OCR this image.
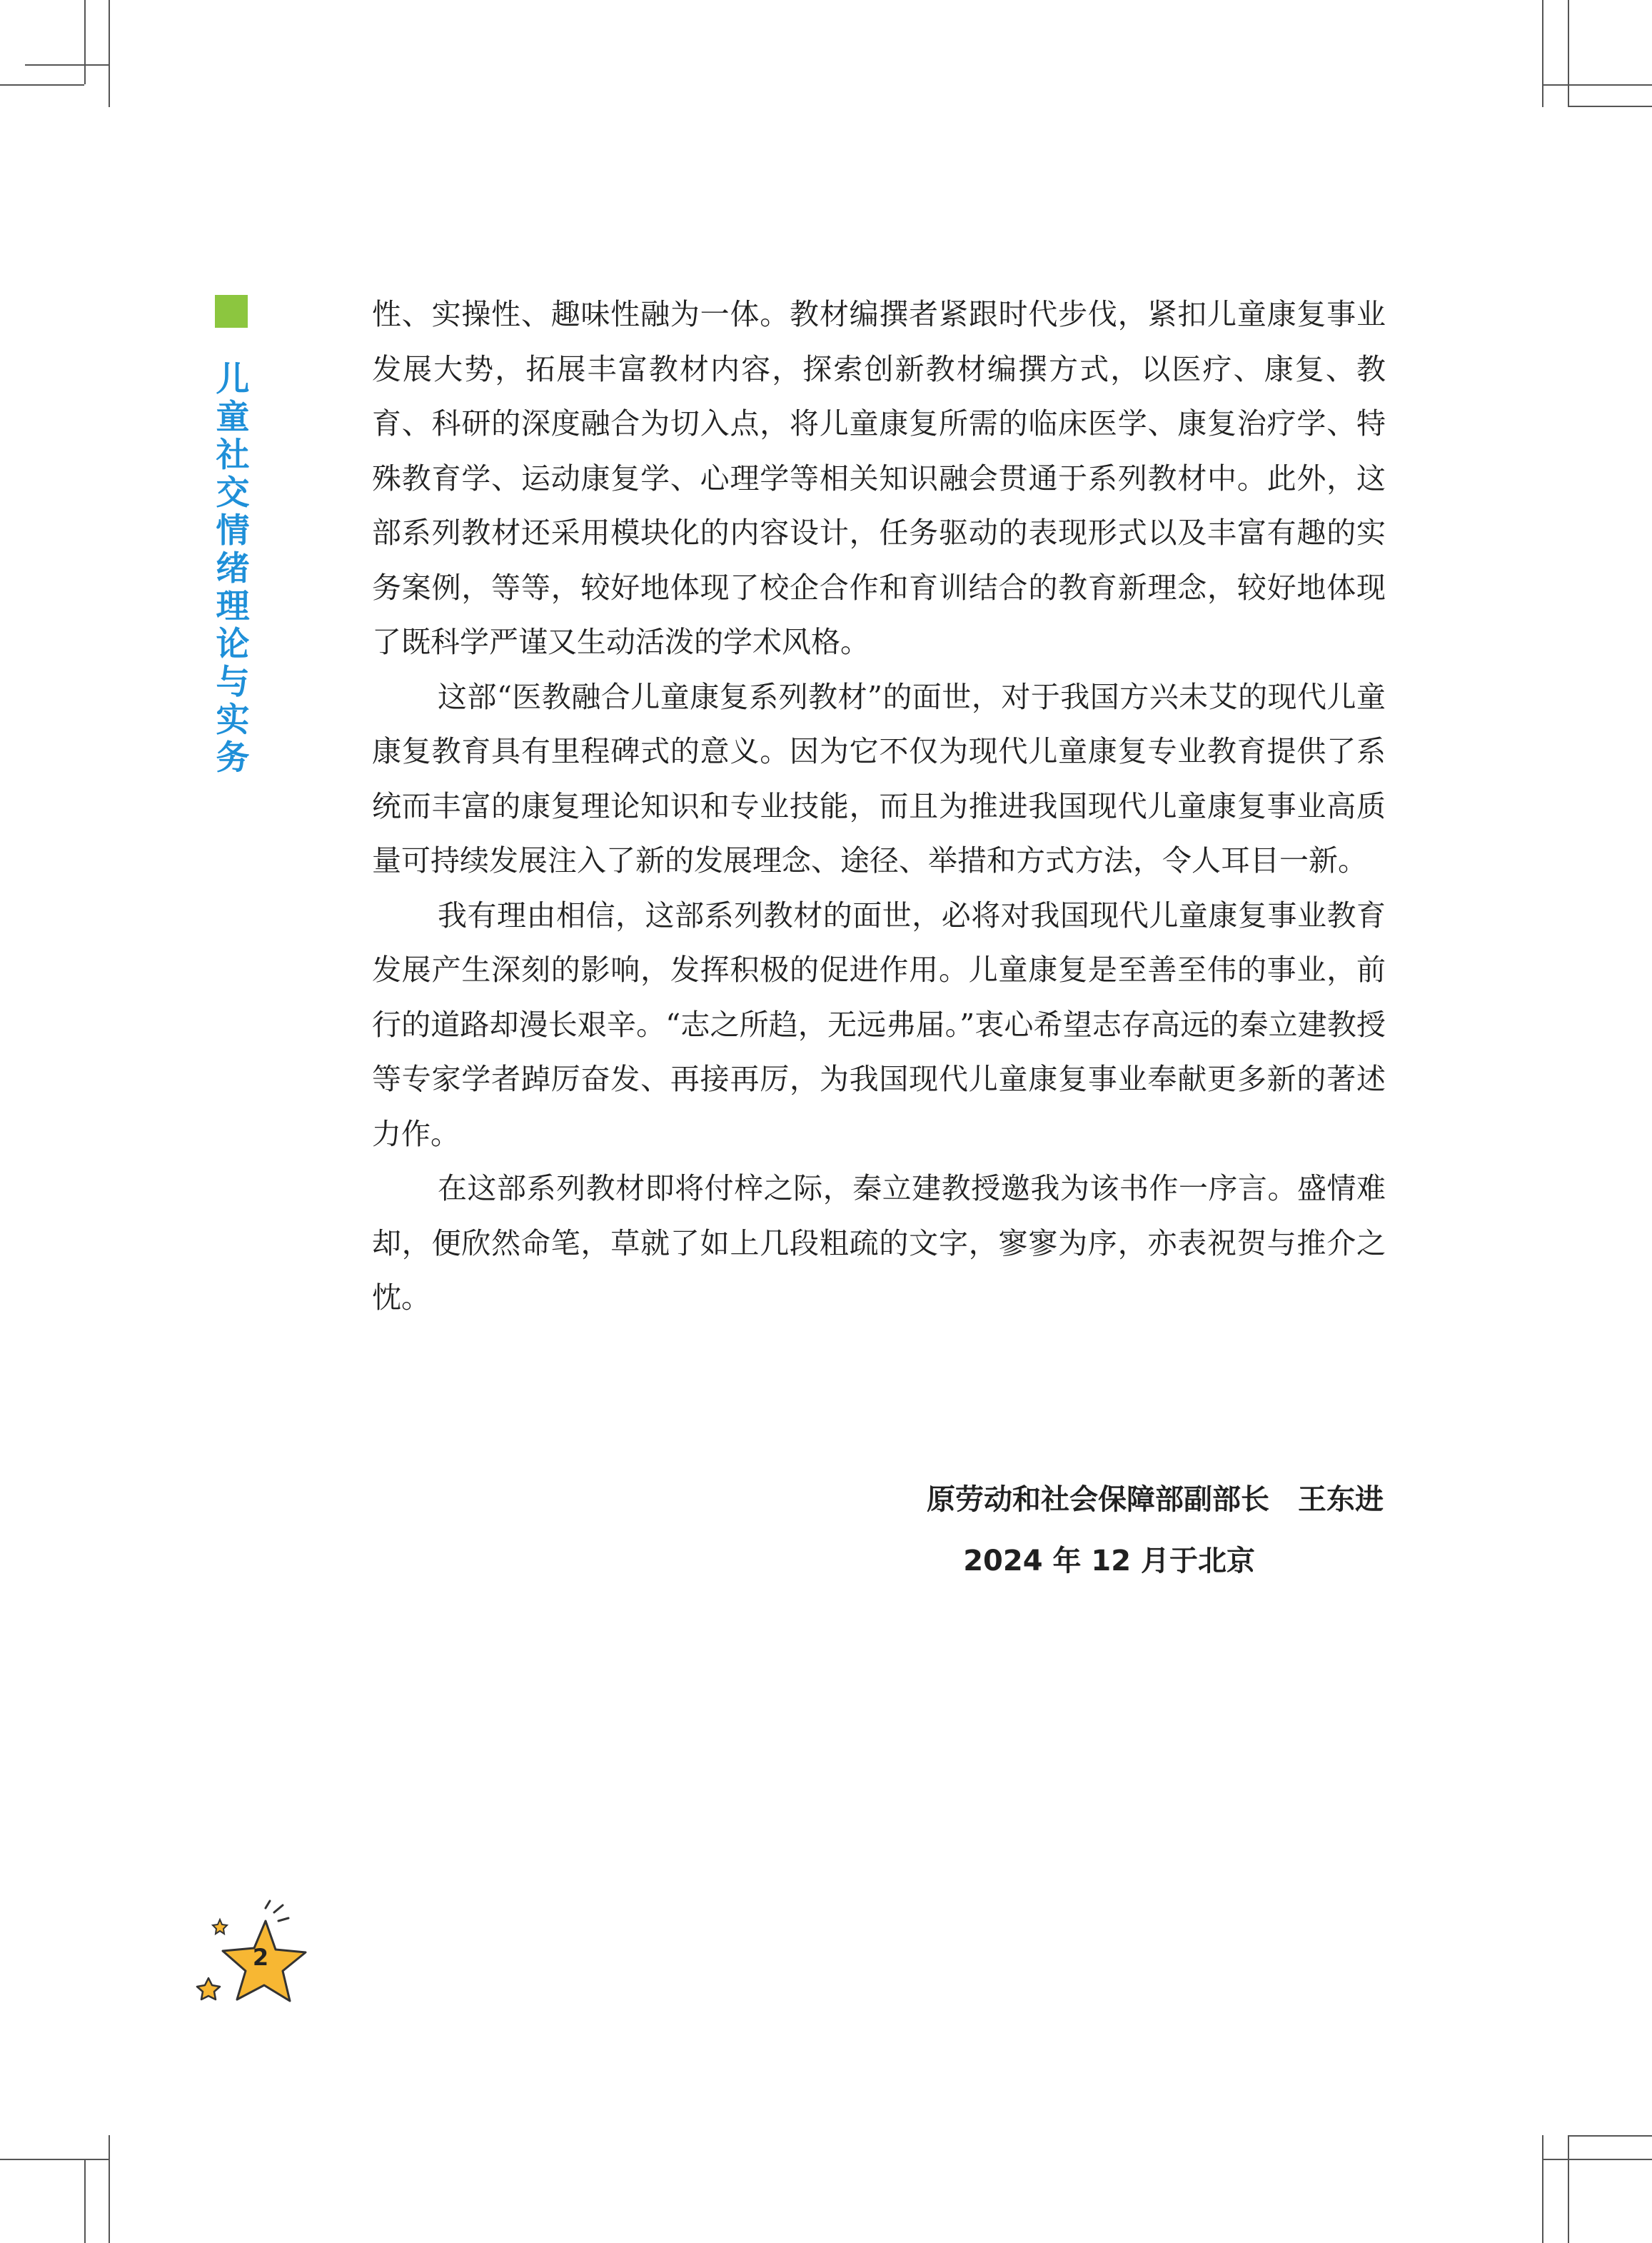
儿童社交情绪理论与实务

性、实操性、趣味性融为一体。教材编撰者紧跟时代步伐，紧扣儿童康复事业发展大势，拓展丰富教材内容，探索创新教材编撰方式，以医疗、康复、教育、科研的深度融合为切入点，将儿童康复所需的临床医学、康复治疗学、特殊教育学、运动康复学、心理学等相关知识融会贯通于系列教材中。此外，这部系列教材还采用模块化的内容设计，任务驱动的表现形式以及丰富有趣的实务案例，等等，较好地体现了校企合作和育训结合的教育新理念，较好地体现了既科学严谨又生动活泼的学术风格。

这部“医教融合儿童康复系列教材”的面世，对于我国方兴未艾的现代儿童康复教育具有里程碑式的意义。因为它不仅为现代儿童康复专业教育提供了系统而丰富的康复理论知识和专业技能，而且为推进我国现代儿童康复事业高质量可持续发展注入了新的发展理念、途径、举措和方式方法，令人耳目一新。

我有理由相信，这部系列教材的面世，必将对我国现代儿童康复事业教育发展产生深刻的影响，发挥积极的促进作用。儿童康复是至善至伟的事业，前行的道路却漫长艰辛。“志之所趋，无远弗届。”衷心希望志存高远的秦立建教授等专家学者踔厉奋发、再接再厉，为我国现代儿童康复事业奉献更多新的著述力作。

在这部系列教材即将付梓之际，秦立建教授邀我为该书作一序言。盛情难却，便欣然命笔，草就了如上几段粗疏的文字，寥寥为序，亦表祝贺与推介之忱。

原劳动和社会保障部副部长　王东进
2024 年 12 月于北京
2
